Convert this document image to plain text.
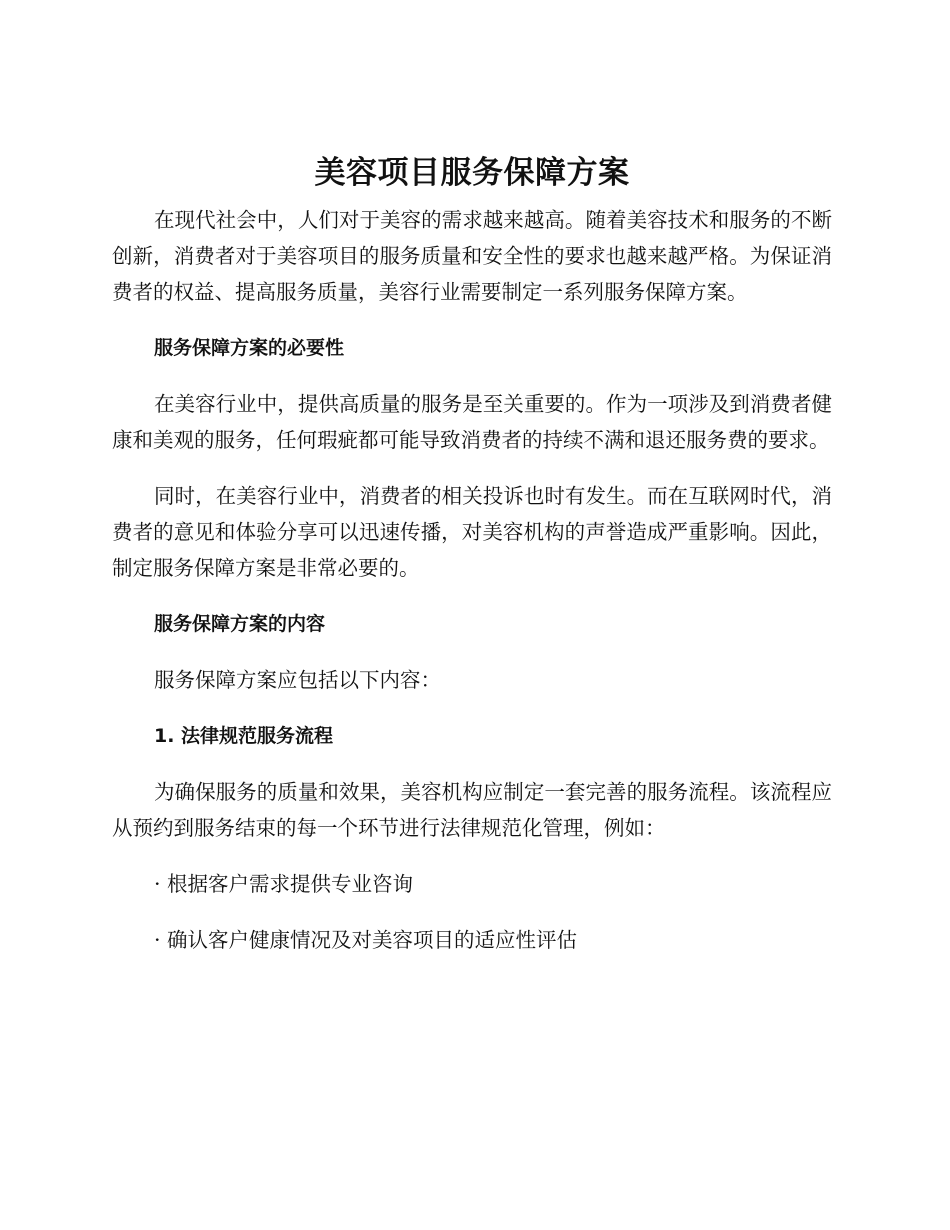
美容项目服务保障方案

在现代社会中，人们对于美容的需求越来越高。随着美容技术和服务的不断创新，消费者对于美容项目的服务质量和安全性的要求也越来越严格。为保证消费者的权益、提高服务质量，美容行业需要制定一系列服务保障方案。

服务保障方案的必要性

在美容行业中，提供高质量的服务是至关重要的。作为一项涉及到消费者健康和美观的服务，任何瑕疵都可能导致消费者的持续不满和退还服务费的要求。

同时，在美容行业中，消费者的相关投诉也时有发生。而在互联网时代，消费者的意见和体验分享可以迅速传播，对美容机构的声誉造成严重影响。因此，制定服务保障方案是非常必要的。

服务保障方案的内容

服务保障方案应包括以下内容：

1. 法律规范服务流程

为确保服务的质量和效果，美容机构应制定一套完善的服务流程。该流程应从预约到服务结束的每一个环节进行法律规范化管理，例如：

· 根据客户需求提供专业咨询
· 确认客户健康情况及对美容项目的适应性评估
